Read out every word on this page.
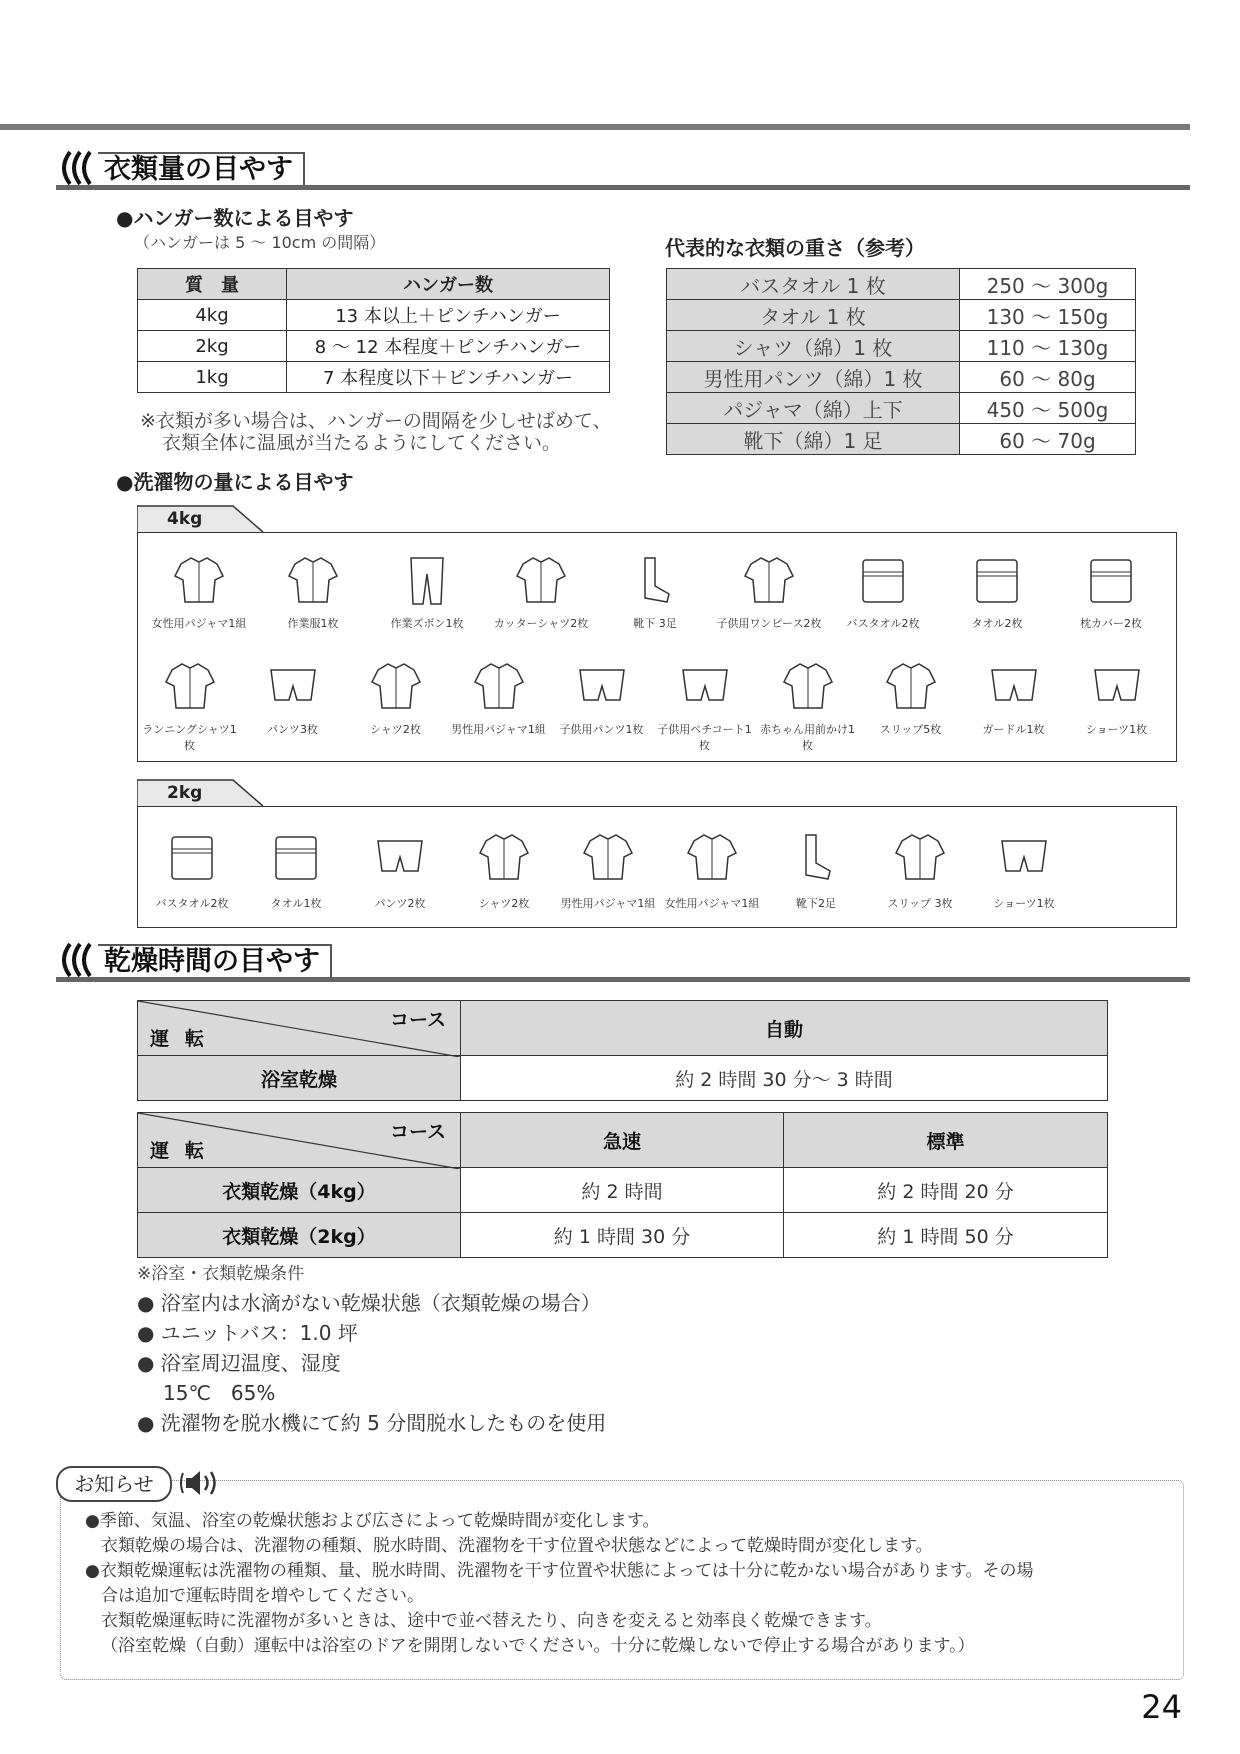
衣類量の目やす
●ハンガー数による目やす
（ハンガーは 5 〜 10cm の間隔）
質　量	ハンガー数
4kg	13 本以上＋ピンチハンガー
2kg	8 〜 12 本程度＋ピンチハンガー
1kg	7 本程度以下＋ピンチハンガー
※衣類が多い場合は、ハンガーの間隔を少しせばめて、
衣類全体に温風が当たるようにしてください。
代表的な衣類の重さ（参考）
バスタオル 1 枚	250 〜 300g
タオル 1 枚	130 〜 150g
シャツ（綿）1 枚	110 〜 130g
男性用パンツ（綿）1 枚	60 〜 80g
パジャマ（綿）上下	450 〜 500g
靴下（綿）1 足	60 〜 70g
●洗濯物の量による目やす
4kg
女性用パジャマ1組	作業服1枚	作業ズボン1枚	カッターシャツ2枚	靴下 3足	子供用ワンピース2枚	バスタオル2枚	タオル2枚	枕カバー2枚
ランニングシャツ1枚
パンツ3枚	シャツ2枚	男性用パジャマ1組	子供用パンツ1枚	子供用ペチコート1枚
赤ちゃん用前かけ1枚
スリップ5枚	ガードル1枚	ショーツ1枚
2kg
バスタオル2枚	タオル1枚	パンツ2枚	シャツ2枚	男性用パジャマ1組 女性用パジャマ1組	靴下2足	スリップ 3枚	ショーツ1枚
乾燥時間の目やす
コース
運転	自動
浴室乾燥	約 2 時間 30 分〜 3 時間
コース
運転	急速	標準
衣類乾燥（4kg）	約 2 時間	約 2 時間 20 分
衣類乾燥（2kg）	約 1 時間 30 分	約 1 時間 50 分
※浴室・衣類乾燥条件
● 浴室内は水滴がない乾燥状態（衣類乾燥の場合）
● ユニットバス：1.0 坪
● 浴室周辺温度、湿度
15℃　65%
● 洗濯物を脱水機にて約 5 分間脱水したものを使用

●季節、気温、浴室の乾燥状態および広さによって乾燥時間が変化します。

衣類乾燥の場合は、洗濯物の種類、脱水時間、洗濯物を干す位置や状態などによって乾燥時間が変化します。

●衣類乾燥運転は洗濯物の種類、量、脱水時間、洗濯物を干す位置や状態によっては十分に乾かない場合があります。その場

合は追加で運転時間を増やしてください。

衣類乾燥運転時に洗濯物が多いときは、途中で並べ替えたり、向きを変えると効率良く乾燥できます。

（浴室乾燥（自動）運転中は浴室のドアを開閉しないでください。十分に乾燥しないで停止する場合があります。）

お知らせ
24
